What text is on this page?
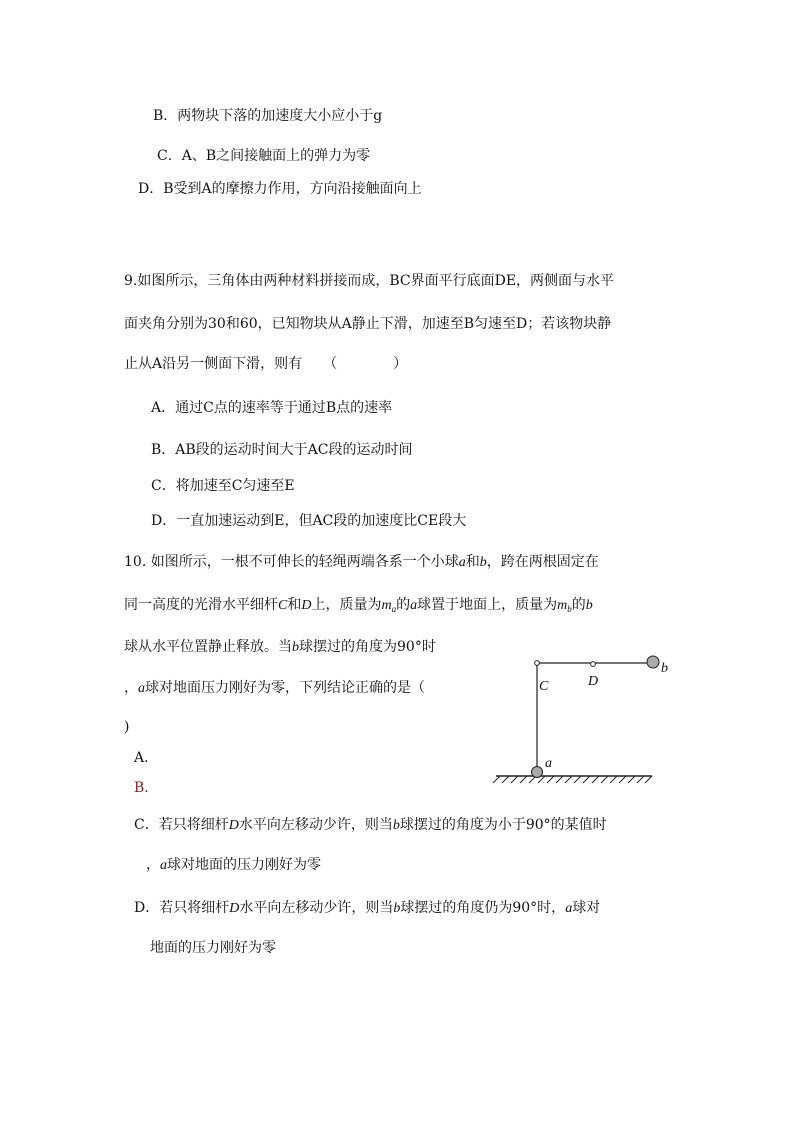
B．两物块下落的加速度大小应小于g
C．A、B之间接触面上的弹力为零
D．B受到A的摩擦力作用，方向沿接触面向上
9.如图所示，三角体由两种材料拼接而成，BC界面平行底面DE，两侧面与水平
面夹角分别为30和60，已知物块从A静止下滑，加速至B匀速至D；若该物块静
止从A沿另一侧面下滑，则有　　（　　　　）
A．通过C点的速率等于通过B点的速率
B．AB段的运动时间大于AC段的运动时间
C．将加速至C匀速至E
D．一直加速运动到E，但AC段的加速度比CE段大
10. 如图所示，一根不可伸长的轻绳两端各系一个小球a和b，跨在两根固定在
同一高度的光滑水平细杆C和D上，质量为$m_a$的a球置于地面上，质量为$m_b$的b
球从水平位置静止释放。当b球摆过的角度为90°时
，a球对地面压力刚好为零，下列结论正确的是（
)
A．
B．
C．若只将细杆D水平向左移动少许，则当b球摆过的角度为小于90°的某值时
，a球对地面的压力刚好为零
D．若只将细杆D水平向左移动少许，则当b球摆过的角度仍为90°时，a球对
地面的压力刚好为零
b
C	D
a
